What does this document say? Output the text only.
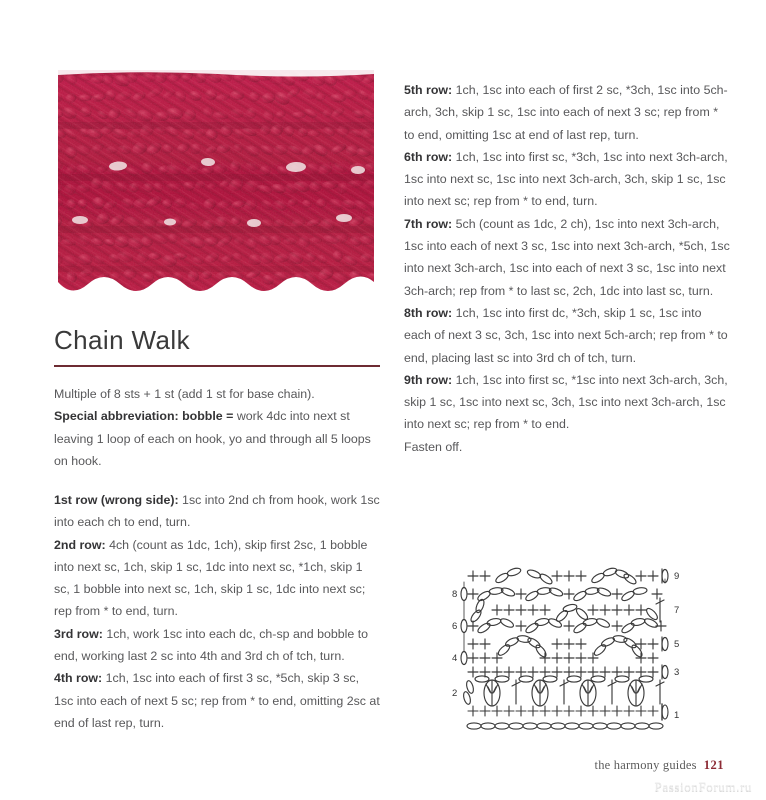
Chain Walk

Multiple of 8 sts + 1 st (add 1 st for base chain).

Special abbreviation: bobble = work 4dc into next st leaving 1 loop of each on hook, yo and through all 5 loops on hook.

1st row (wrong side): 1sc into 2nd ch from hook, work 1sc into each ch to end, turn.

2nd row: 4ch (count as 1dc, 1ch), skip first 2sc, 1 bobble into next sc, 1ch, skip 1 sc, 1dc into next sc, *1ch, skip 1 sc, 1 bobble into next sc, 1ch, skip 1 sc, 1dc into next sc; rep from * to end, turn.

3rd row: 1ch, work 1sc into each dc, ch-sp and bobble to end, working last 2 sc into 4th and 3rd ch of tch, turn.

4th row: 1ch, 1sc into each of first 3 sc, *5ch, skip 3 sc, 1sc into each of next 5 sc; rep from * to end, omitting 2sc at end of last rep, turn.

5th row: 1ch, 1sc into each of first 2 sc, *3ch, 1sc into 5ch-arch, 3ch, skip 1 sc, 1sc into each of next 3 sc; rep from * to end, omitting 1sc at end of last rep, turn.

6th row: 1ch, 1sc into first sc, *3ch, 1sc into next 3ch-arch, 1sc into next sc, 1sc into next 3ch-arch, 3ch, skip 1 sc, 1sc into next sc; rep from * to end, turn.

7th row: 5ch (count as 1dc, 2 ch), 1sc into next 3ch-arch, 1sc into each of next 3 sc, 1sc into next 3ch-arch, *5ch, 1sc into next 3ch-arch, 1sc into each of next 3 sc, 1sc into next 3ch-arch; rep from * to last sc, 2ch, 1dc into last sc, turn.

8th row: 1ch, 1sc into first dc, *3ch, skip 1 sc, 1sc into each of next 3 sc, 3ch, 1sc into next 5ch-arch; rep from * to end, placing last sc into 3rd ch of tch, turn.

9th row: 1ch, 1sc into first sc, *1sc into next 3ch-arch, 3ch, skip 1 sc, 1sc into next sc, 3ch, 1sc into next 3ch-arch, 1sc into next sc; rep from * to end.

Fasten off.

1
3
5
7
9
2
4
6
8
the harmony guides 121
PassionForum.ru
